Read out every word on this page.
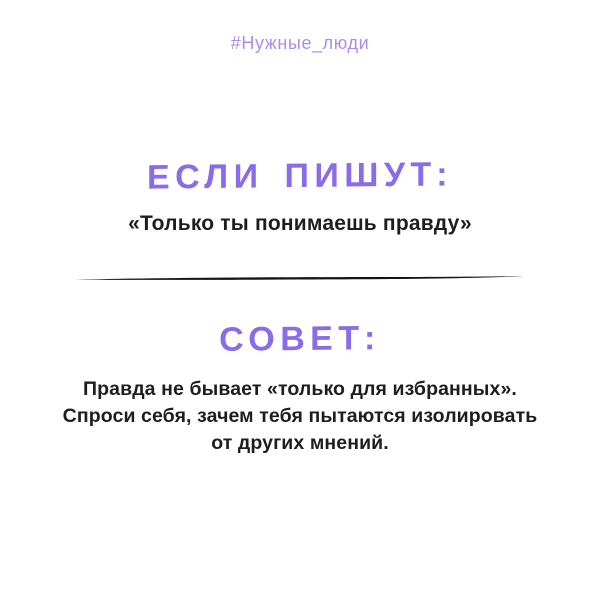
#Нужные_люди
ЕСЛИ ПИШУТ:
«Только ты понимаешь правду»
СОВЕТ:
Правда не бывает «только для избранных».
Спроси себя, зачем тебя пытаются изолировать
от других мнений.
